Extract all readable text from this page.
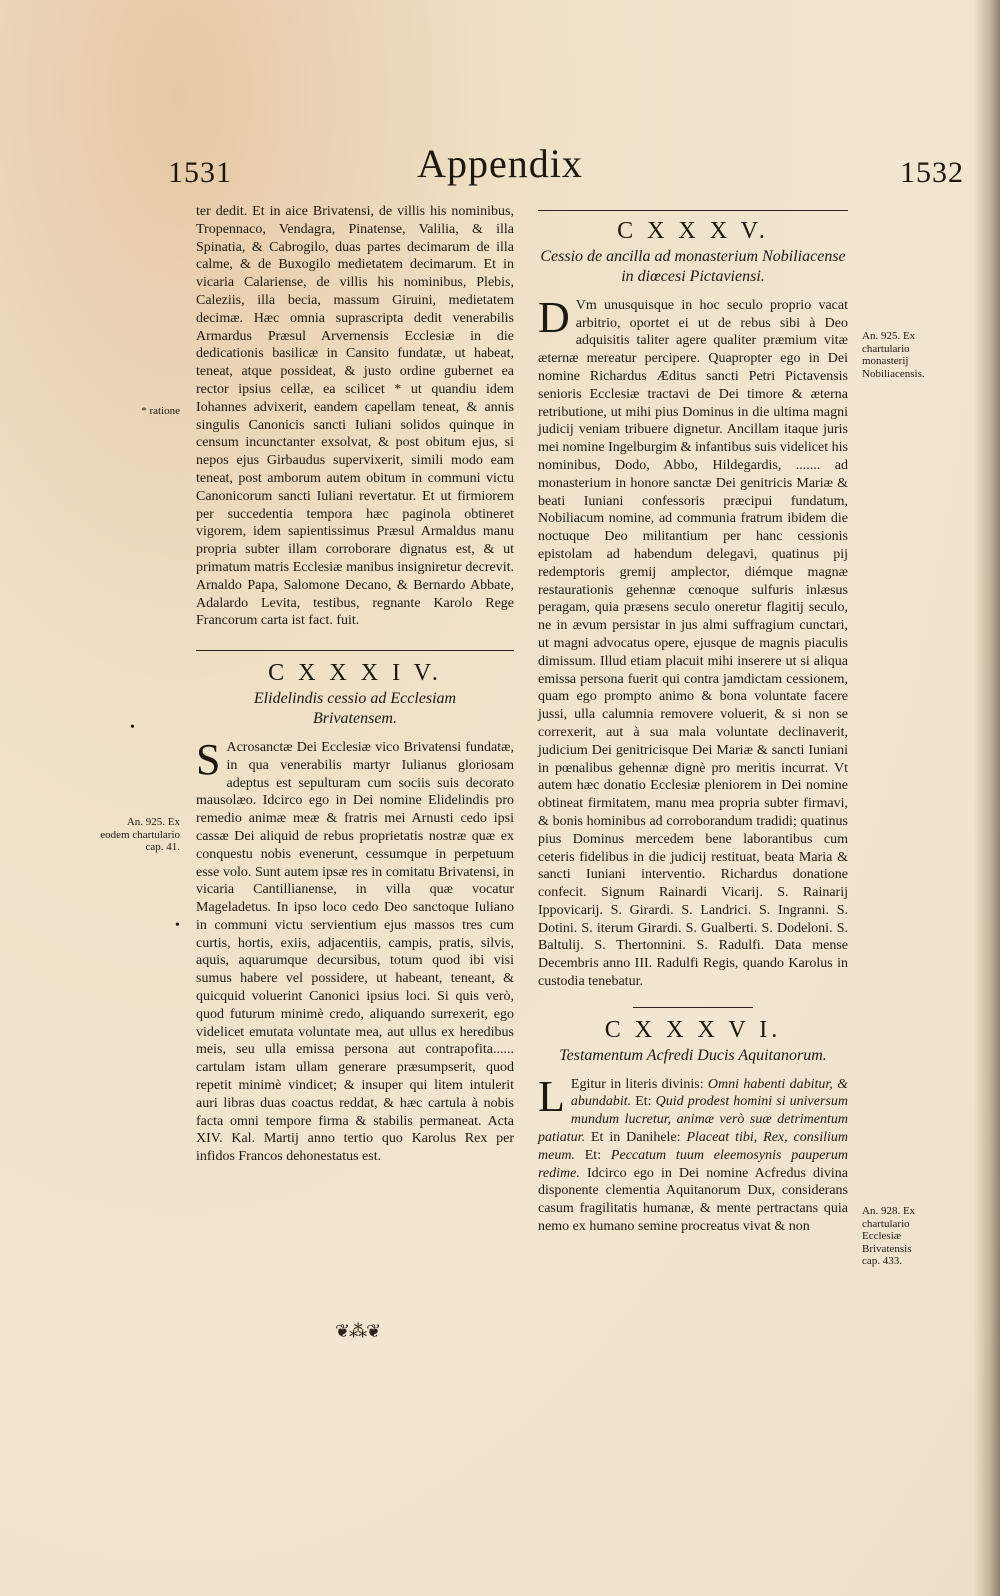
1531	Appendix	1532

ter dedit. Et in aice Brivatensi, de villis his nominibus, Tropennaco, Vendagra, Pinatense, Valilia, & illa Spinatia, & Cabrogilo, duas partes decimarum de illa calme, & de Buxogilo medietatem decimarum. Et in vicaria Calariense, de villis his nominibus, Plebis, Caleziis, illa becia, massum Giruini, medietatem decimæ. Hæc omnia suprascripta dedit venerabilis Armardus Præsul Arvernensis Ecclesiæ in die dedicationis basilicæ in Cansito fundatæ, ut habeat, teneat, atque possideat, & justo ordine gubernet ea rector ipsius cellæ, ea scilicet * ut quandiu idem Iohannes advixerit, eandem capellam teneat, & annis singulis Canonicis sancti Iuliani solidos quinque in censum incunctanter exsolvat, & post obitum ejus, si nepos ejus Girbaudus supervixerit, simili modo eam teneat, post amborum autem obitum in communi victu Canonicorum sancti Iuliani revertatur. Et ut firmiorem per succedentia tempora hæc paginola obtineret vigorem, idem sapientissimus Præsul Armaldus manu propria subter illam corroborare dignatus est, & ut primatum matris Ecclesiæ manibus insigniretur decrevit. Arnaldo Papa, Salomone Decano, & Bernardo Abbate, Adalardo Levita, testibus, regnante Karolo Rege Francorum carta ist fact. fuit.

C X X X I V.

Elidelindis cessio ad Ecclesiam

Brivatensem.

S Acrosanctæ Dei Ecclesiæ vico Brivatensi fundatæ, in qua venerabilis martyr Iulianus gloriosam adeptus est sepulturam cum sociis suis decorato mausolæo. Idcirco ego in Dei nomine Elidelindis pro remedio animæ meæ & fratris mei Arnusti cedo ipsi cassæ Dei aliquid de rebus proprietatis nostræ quæ ex conquestu nobis evenerunt, cessumque in perpetuum esse volo. Sunt autem ipsæ res in comitatu Brivatensi, in vicaria Cantillianense, in villa quæ vocatur Mageladetus. In ipso loco cedo Deo sanctoque Iuliano in communi victu servientium ejus massos tres cum curtis, hortis, exiis, adjacentiis, campis, pratis, silvis, aquis, aquarumque decursibus, totum quod ibi visi sumus habere vel possidere, ut habeant, teneant, & quicquid voluerint Canonici ipsius loci. Si quis verò, quod futurum minimè credo, aliquando surrexerit, ego videlicet emutata voluntate mea, aut ullus ex heredibus meis, seu ulla emissa persona aut contrapofita...... cartulam istam ullam generare præsumpserit, quod repetit minimè vindicet; & insuper qui litem intulerit auri libras duas coactus reddat, & hæc cartula à nobis facta omni tempore firma & stabilis permaneat. Acta XIV. Kal. Martij anno tertio quo Karolus Rex per infidos Francos dehonestatus est.

C X X X V.

Cessio de ancilla ad monasterium Nobiliacense

in diœcesi Pictaviensi.

D Vm unusquisque in hoc seculo proprio vacat arbitrio, oportet ei ut de rebus sibi à Deo adquisitis taliter agere qualiter præmium vitæ æternæ mereatur percipere. Quapropter ego in Dei nomine Richardus Æditus sancti Petri Pictavensis senioris Ecclesiæ tractavi de Dei timore & æterna retributione, ut mihi pius Dominus in die ultima magni judicij veniam tribuere dignetur. Ancillam itaque juris mei nomine Ingelburgim & infantibus suis videlicet his nominibus, Dodo, Abbo, Hildegardis, ....... ad monasterium in honore sanctæ Dei genitricis Mariæ & beati Iuniani confessoris præcipui fundatum, Nobiliacum nomine, ad communia fratrum ibidem die noctuque Deo militantium per hanc cessionis epistolam ad habendum delegavi, quatinus pij redemptoris gremij amplector, diémque magnæ restaurationis gehennæ cœnoque sulfuris inlæsus peragam, quia præsens seculo oneretur flagitij seculo, ne in ævum persistar in jus almi suffragium cunctari, ut magni advocatus opere, ejusque de magnis piaculis dimissum. Illud etiam placuit mihi inserere ut si aliqua emissa persona fuerit qui contra jamdictam cessionem, quam ego prompto animo & bona voluntate facere jussi, ulla calumnia removere voluerit, & si non se correxerit, aut à sua mala voluntate declinaverit, judicium Dei genitricisque Dei Mariæ & sancti Iuniani in pœnalibus gehennæ dignè pro meritis incurrat. Vt autem hæc donatio Ecclesiæ pleniorem in Dei nomine obtineat firmitatem, manu mea propria subter firmavi, & bonis hominibus ad corroborandum tradidi; quatinus pius Dominus mercedem bene laborantibus cum ceteris fidelibus in die judicij restituat, beata Maria & sancti Iuniani interventio. Richardus donatione confecit. Signum Rainardi Vicarij. S. Rainarij Ippovicarij. S. Girardi. S. Landrici. S. Ingranni. S. Dotini. S. iterum Girardi. S. Gualberti. S. Dodeloni. S. Baltulij. S. Thertonnini. S. Radulfi. Data mense Decembris anno III. Radulfi Regis, quando Karolus in custodia tenebatur.

C X X X V I.

Testamentum Acfredi Ducis Aquitanorum.

L Egitur in literis divinis: Omni habenti dabitur, & abundabit. Et: Quid prodest homini si universum mundum lucretur, animæ verò suæ detrimentum patiatur. Et in Danihele: Placeat tibi, Rex, consilium meum. Et: Peccatum tuum eleemosynis pauperum redime. Idcirco ego in Dei nomine Acfredus divina disponente clementia Aquitanorum Dux, considerans casum fragilitatis humanæ, & mente pertractans quia nemo ex humano semine procreatus vivat & non

* ratione
An. 925. Ex eodem chartulario cap. 41.
An. 925. Ex chartulario monasterij Nobiliacensis.
An. 928. Ex chartulario Ecclesiæ Brivatensis cap. 433.
•
•
❦⁂❦
